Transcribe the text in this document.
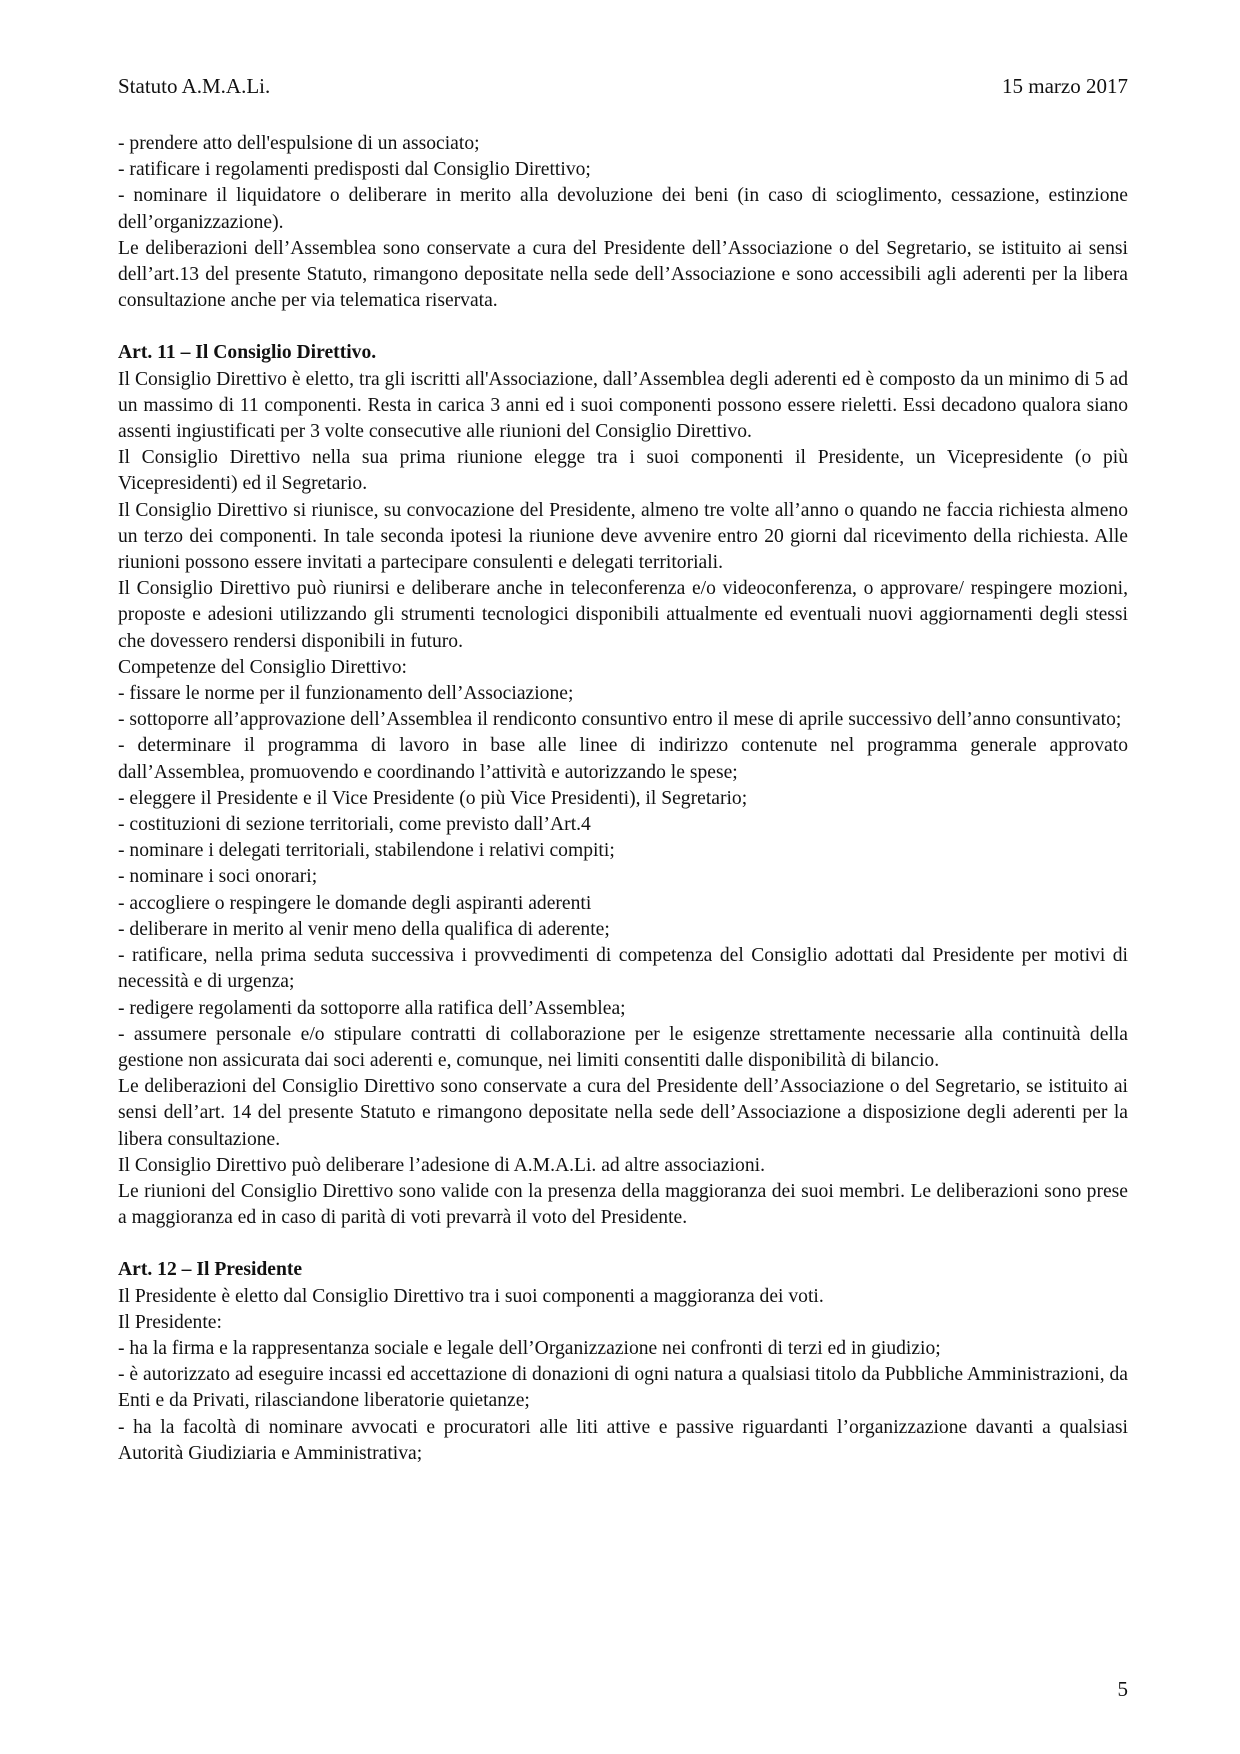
Statuto A.M.A.Li.	15 marzo 2017

- prendere atto dell'espulsione di un associato;

- ratificare i regolamenti predisposti dal Consiglio Direttivo;

- nominare il liquidatore o deliberare in merito alla devoluzione dei beni (in caso di scioglimento, cessazione, estinzione dell’organizzazione).

Le deliberazioni dell’Assemblea sono conservate a cura del Presidente dell’Associazione o del Segretario, se istituito ai sensi dell’art.13 del presente Statuto, rimangono depositate nella sede dell’Associazione e sono accessibili agli aderenti per la libera consultazione anche per via telematica riservata.

Art. 11 – Il Consiglio Direttivo.

Il Consiglio Direttivo è eletto, tra gli iscritti all'Associazione, dall’Assemblea degli aderenti ed è composto da un minimo di 5 ad un massimo di 11 componenti. Resta in carica 3 anni ed i suoi componenti possono essere rieletti. Essi decadono qualora siano assenti ingiustificati per 3 volte consecutive alle riunioni del Consiglio Direttivo.

Il Consiglio Direttivo nella sua prima riunione elegge tra i suoi componenti il Presidente, un Vicepresidente (o più Vicepresidenti) ed il Segretario.

Il Consiglio Direttivo si riunisce, su convocazione del Presidente, almeno tre volte all’anno o quando ne faccia richiesta almeno un terzo dei componenti. In tale seconda ipotesi la riunione deve avvenire entro 20 giorni dal ricevimento della richiesta. Alle riunioni possono essere invitati a partecipare consulenti e delegati territoriali.

Il Consiglio Direttivo può riunirsi e deliberare anche in teleconferenza e/o videoconferenza, o approvare/ respingere mozioni, proposte e adesioni utilizzando gli strumenti tecnologici disponibili attualmente ed eventuali nuovi aggiornamenti degli stessi che dovessero rendersi disponibili in futuro.

Competenze del Consiglio Direttivo:

- fissare le norme per il funzionamento dell’Associazione;

- sottoporre all’approvazione dell’Assemblea il rendiconto consuntivo entro il mese di aprile successivo dell’anno consuntivato;

- determinare il programma di lavoro in base alle linee di indirizzo contenute nel programma generale approvato dall’Assemblea, promuovendo e coordinando l’attività e autorizzando le spese;

- eleggere il Presidente e il Vice Presidente (o più Vice Presidenti), il Segretario;

- costituzioni di sezione territoriali, come previsto dall’Art.4

- nominare i delegati territoriali, stabilendone i relativi compiti;

- nominare i soci onorari;

- accogliere o respingere le domande degli aspiranti aderenti

- deliberare in merito al venir meno della qualifica di aderente;

- ratificare, nella prima seduta successiva i provvedimenti di competenza del Consiglio adottati dal Presidente per motivi di necessità e di urgenza;

- redigere regolamenti da sottoporre alla ratifica dell’Assemblea;

- assumere personale e/o stipulare contratti di collaborazione per le esigenze strettamente necessarie alla continuità della gestione non assicurata dai soci aderenti e, comunque, nei limiti consentiti dalle disponibilità di bilancio.

Le deliberazioni del Consiglio Direttivo sono conservate a cura del Presidente dell’Associazione o del Segretario, se istituito ai sensi dell’art. 14 del presente Statuto e rimangono depositate nella sede dell’Associazione a disposizione degli aderenti per la libera consultazione.

Il Consiglio Direttivo può deliberare l’adesione di A.M.A.Li. ad altre associazioni.

Le riunioni del Consiglio Direttivo sono valide con la presenza della maggioranza dei suoi membri. Le deliberazioni sono prese a maggioranza ed in caso di parità di voti prevarrà il voto del Presidente.

Art. 12 – Il Presidente

Il Presidente è eletto dal Consiglio Direttivo tra i suoi componenti a maggioranza dei voti.

Il Presidente:

- ha la firma e la rappresentanza sociale e legale dell’Organizzazione nei confronti di terzi ed in giudizio;

- è autorizzato ad eseguire incassi ed accettazione di donazioni di ogni natura a qualsiasi titolo da Pubbliche Amministrazioni, da Enti e da Privati, rilasciandone liberatorie quietanze;

- ha la facoltà di nominare avvocati e procuratori alle liti attive e passive riguardanti l’organizzazione davanti a qualsiasi Autorità Giudiziaria e Amministrativa;

5
